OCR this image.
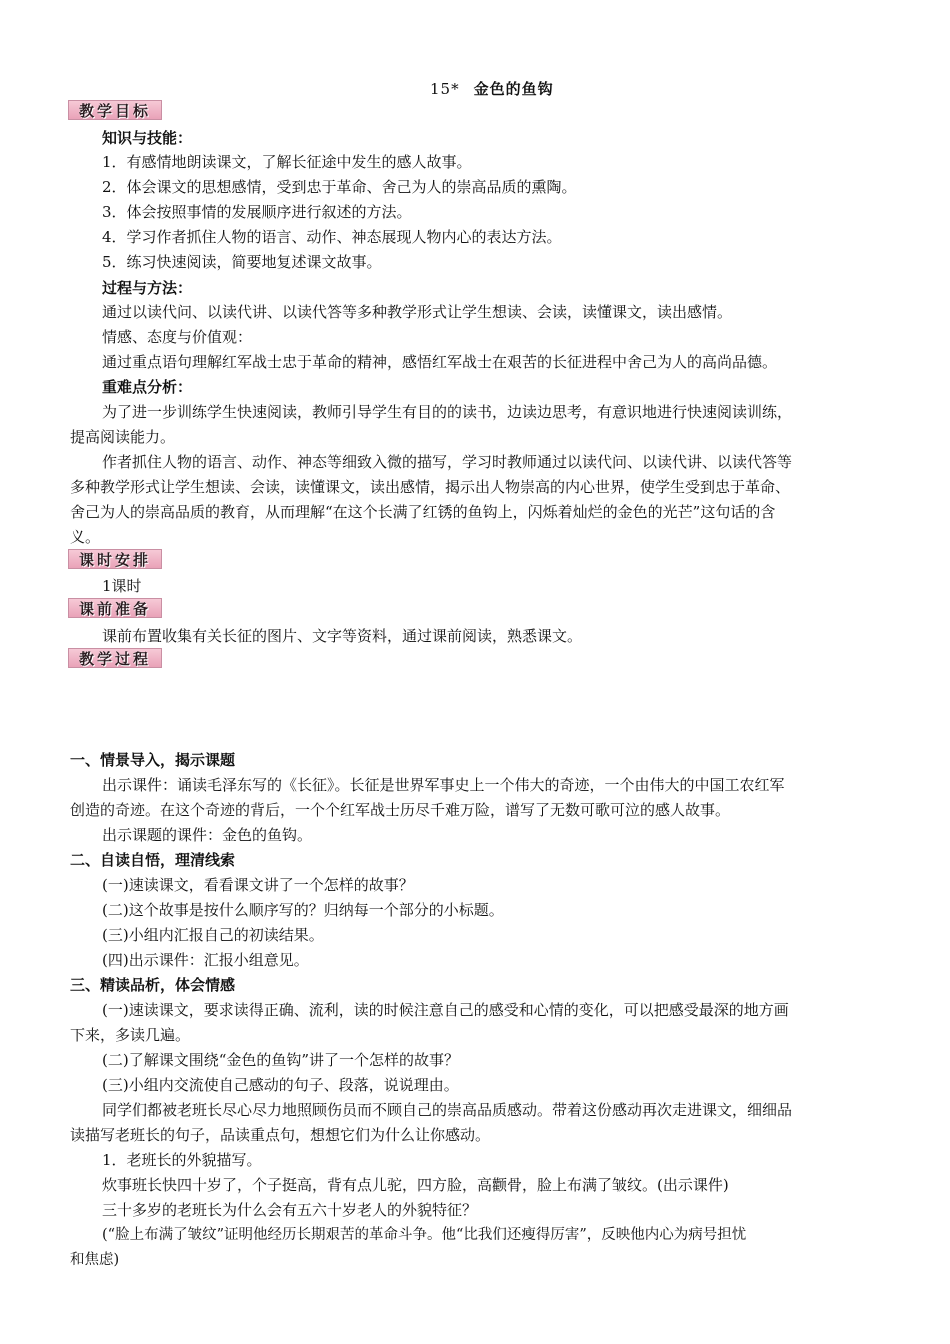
15* 金色的鱼钩
教学目标
知识与技能：
1．有感情地朗读课文，了解长征途中发生的感人故事。
2．体会课文的思想感情，受到忠于革命、舍己为人的崇高品质的熏陶。
3．体会按照事情的发展顺序进行叙述的方法。
4．学习作者抓住人物的语言、动作、神态展现人物内心的表达方法。
5．练习快速阅读，简要地复述课文故事。
过程与方法：
通过以读代问、以读代讲、以读代答等多种教学形式让学生想读、会读，读懂课文，读出感情。
情感、态度与价值观：
通过重点语句理解红军战士忠于革命的精神，感悟红军战士在艰苦的长征进程中舍己为人的高尚品德。
重难点分析：
为了进一步训练学生快速阅读，教师引导学生有目的的读书，边读边思考，有意识地进行快速阅读训练，
提高阅读能力。
作者抓住人物的语言、动作、神态等细致入微的描写，学习时教师通过以读代问、以读代讲、以读代答等
多种教学形式让学生想读、会读，读懂课文，读出感情，揭示出人物崇高的内心世界，使学生受到忠于革命、
舍己为人的崇高品质的教育，从而理解“在这个长满了红锈的鱼钩上，闪烁着灿烂的金色的光芒”这句话的含
义。
课时安排
1课时
课前准备
课前布置收集有关长征的图片、文字等资料，通过课前阅读，熟悉课文。
教学过程
一、情景导入，揭示课题
出示课件：诵读毛泽东写的《长征》。长征是世界军事史上一个伟大的奇迹，一个由伟大的中国工农红军
创造的奇迹。在这个奇迹的背后，一个个红军战士历尽千难万险，谱写了无数可歌可泣的感人故事。
出示课题的课件：金色的鱼钩。
二、自读自悟，理清线索
(一)速读课文，看看课文讲了一个怎样的故事？
(二)这个故事是按什么顺序写的？归纳每一个部分的小标题。
(三)小组内汇报自己的初读结果。
(四)出示课件：汇报小组意见。
三、精读品析，体会情感
(一)速读课文，要求读得正确、流利，读的时候注意自己的感受和心情的变化，可以把感受最深的地方画
下来，多读几遍。
(二)了解课文围绕“金色的鱼钩”讲了一个怎样的故事？
(三)小组内交流使自己感动的句子、段落，说说理由。
同学们都被老班长尽心尽力地照顾伤员而不顾自己的崇高品质感动。带着这份感动再次走进课文，细细品
读描写老班长的句子，品读重点句，想想它们为什么让你感动。
1．老班长的外貌描写。
炊事班长快四十岁了，个子挺高，背有点儿驼，四方脸，高颧骨，脸上布满了皱纹。(出示课件)
三十多岁的老班长为什么会有五六十岁老人的外貌特征？
(“脸上布满了皱纹”证明他经历长期艰苦的革命斗争。他“比我们还瘦得厉害”，反映他内心为病号担忧
和焦虑)
